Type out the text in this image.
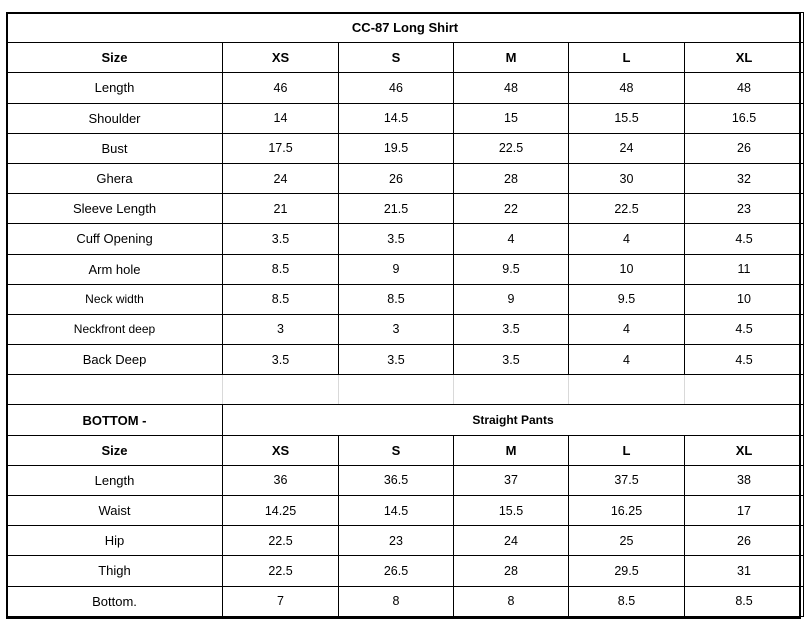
CC-87 Long Shirt					
Size	XS	S	M	L	XL
Length	46	46	48	48	48
Shoulder	14	14.5	15	15.5	16.5
Bust	17.5	19.5	22.5	24	26
Ghera	24	26	28	30	32
Sleeve Length	21	21.5	22	22.5	23
Cuff Opening	3.5	3.5	4	4	4.5
Arm hole	8.5	9	9.5	10	11
Neck width	8.5	8.5	9	9.5	10
Neckfront deep	3	3	3.5	4	4.5
Back Deep	3.5	3.5	3.5	4	4.5

BOTTOM -	Straight Pants				
Size	XS	S	M	L	XL
Length	36	36.5	37	37.5	38
Waist	14.25	14.5	15.5	16.25	17
Hip	22.5	23	24	25	26
Thigh	22.5	26.5	28	29.5	31
Bottom.	7	8	8	8.5	8.5
